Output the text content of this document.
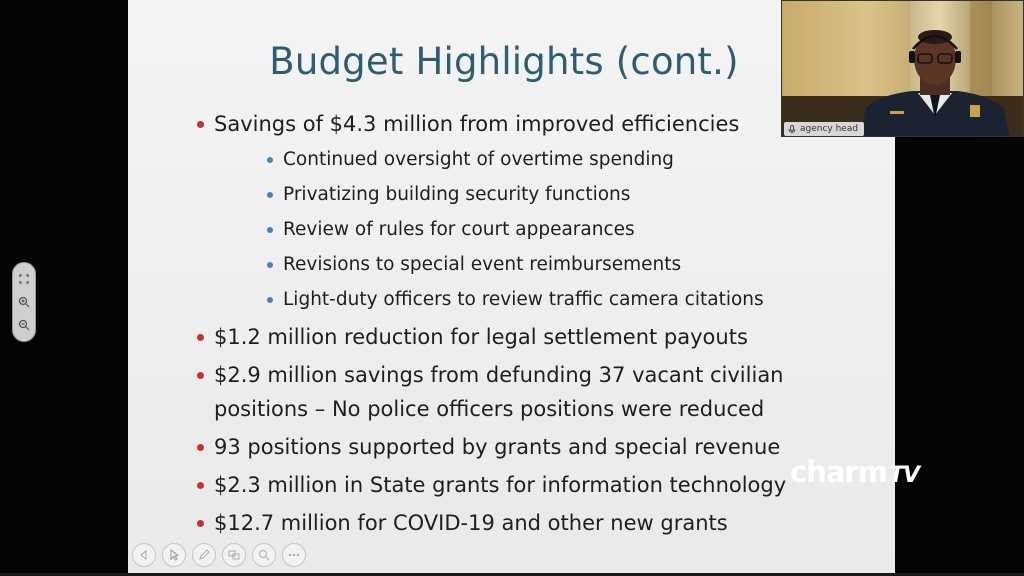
Budget Highlights (cont.)
Savings of $4.3 million from improved efficiencies
Continued oversight of overtime spending
Privatizing building security functions
Review of rules for court appearances
Revisions to special event reimbursements
Light-duty officers to review traffic camera citations
$1.2 million reduction for legal settlement payouts
$2.9 million savings from defunding 37 vacant civilian
positions – No police officers positions were reduced
93 positions supported by grants and special revenue
$2.3 million in State grants for information technology
$12.7 million for COVID-19 and other new grants
agency head
charmTV
